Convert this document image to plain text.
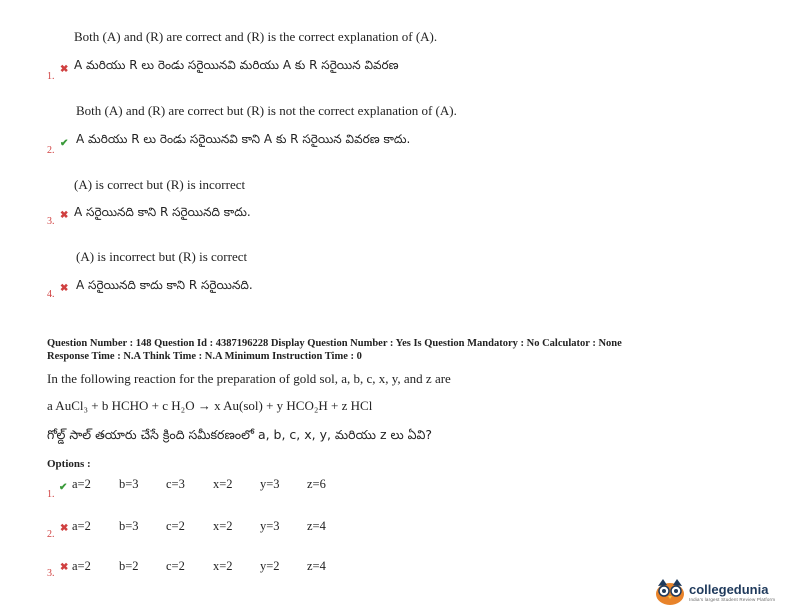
Both (A) and (R) are correct and (R) is the correct explanation of (A).
A మరియు R లు రెండు సరైయినవి మరియు A కు R సరైయిన వివరణ
1.
✖
Both (A) and (R) are correct but (R) is not the correct explanation of (A).
A మరియు R లు రెండు సరైయినవి కాని A కు R సరైయిన వివరణ కాదు.
2.
✔
(A) is correct but (R) is incorrect
A సరైయినది కాని R సరైయినది కాదు.
3.
✖
(A) is incorrect but (R) is correct
A సరైయినది కాదు కాని R సరైయినది.
4.
✖
Question Number : 148 Question Id : 4387196228 Display Question Number : Yes Is Question Mandatory : No Calculator : None
Response Time : N.A Think Time : N.A Minimum Instruction Time : 0
In the following reaction for the preparation of gold sol, a, b, c, x, y, and z are
a AuCl₃ + b HCHO + c H₂O → x Au(sol) + y HCO₂H + z HCl
గోల్డ్ సాల్ తయారు చేసే క్రింది సమీకరణంలో a, b, c, x, y, మరియు z లు ఏవి?
Options :
1.
✔ a=2 b=3 c=3 x=2 y=3 z=6
2.
✖ a=2 b=3 c=2 x=2 y=3 z=4
3.
✖ a=2 b=2 c=2 x=2 y=2 z=4
collegedunia
India's largest Student Review Platform
